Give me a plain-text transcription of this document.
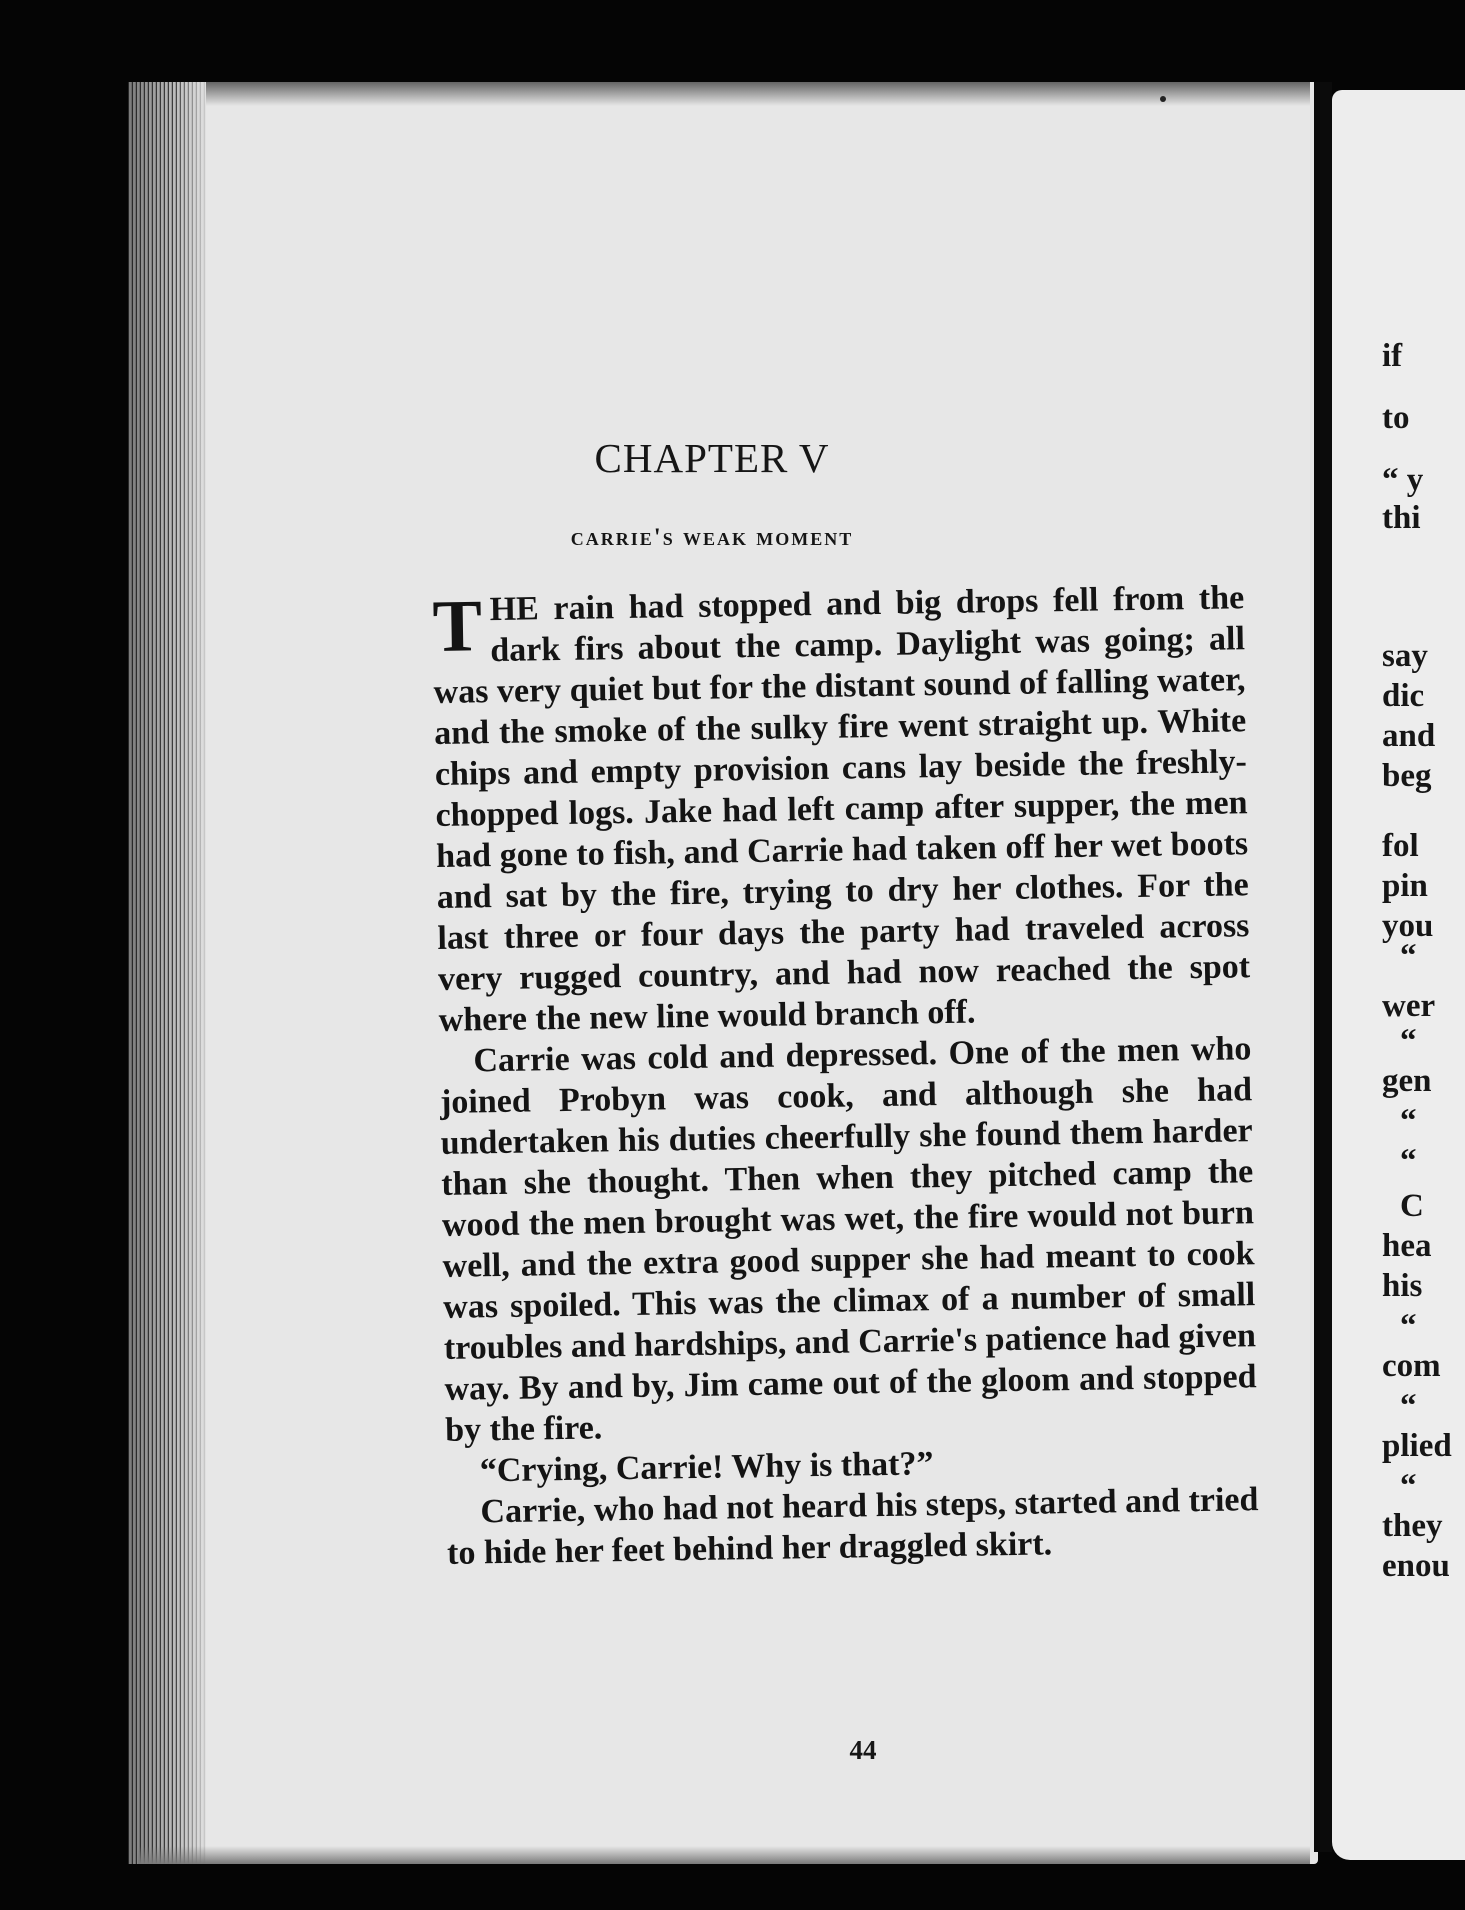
CHAPTER V
carrie's weak moment

THE rain had stopped and big drops fell from the dark firs about the camp. Daylight was going; all was very quiet but for the distant sound of falling water, and the smoke of the sulky fire went straight up. White chips and empty provision cans lay beside the freshly-chopped logs. Jake had left camp after supper, the men had gone to fish, and Carrie had taken off her wet boots and sat by the fire, trying to dry her clothes. For the last three or four days the party had traveled across very rugged country, and had now reached the spot where the new line would branch off.

Carrie was cold and depressed. One of the men who joined Probyn was cook, and although she had undertaken his duties cheerfully she found them harder than she thought. Then when they pitched camp the wood the men brought was wet, the fire would not burn well, and the extra good supper she had meant to cook was spoiled. This was the climax of a number of small troubles and hardships, and Carrie's patience had given way. By and by, Jim came out of the gloom and stopped by the fire.

“Crying, Carrie! Why is that?”

Carrie, who had not heard his steps, started and tried to hide her feet behind her draggled skirt.

44
if
to
“ y
thi
say
dic
and
beg
fol
pin
you
“
wer
“
gen
“
“
C
hea
his
“
com
“
plied
“
they
enou
